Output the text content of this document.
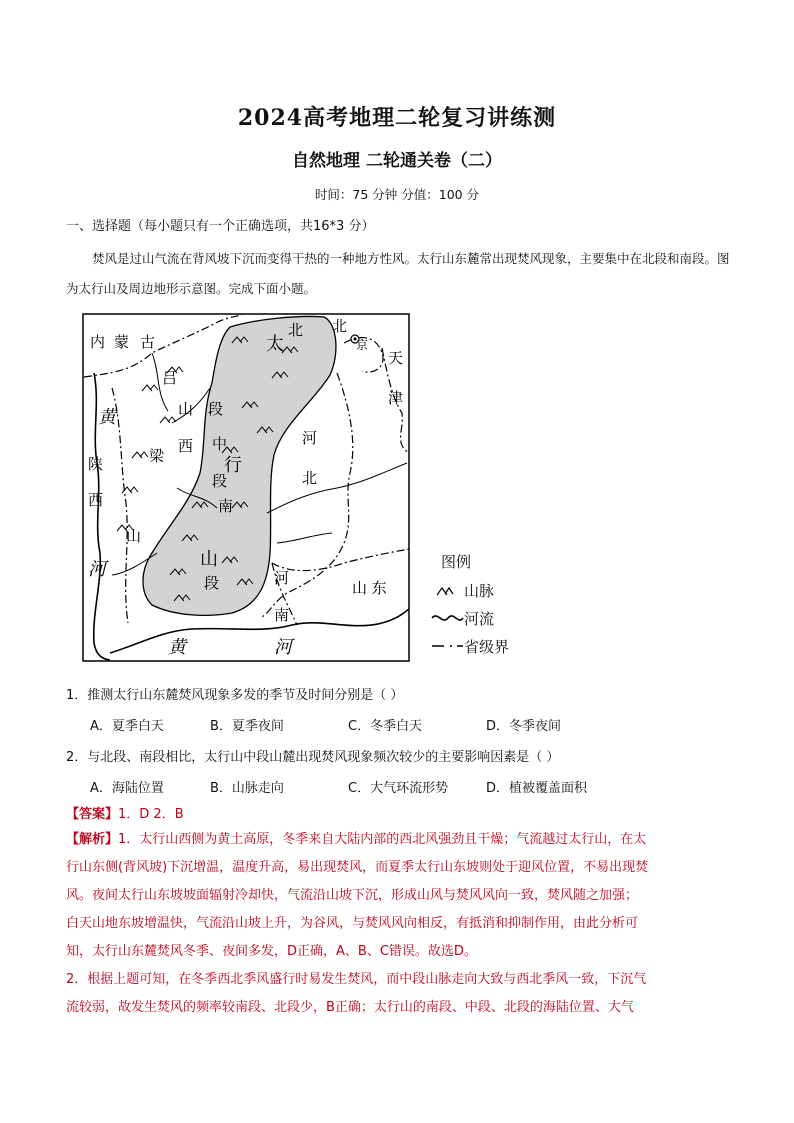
2024高考地理二轮复习讲练测
自然地理 二轮通关卷（二）
时间：75 分钟 分值：100 分
一、选择题（每小题只有一个正确选项，共16*3 分）
焚风是过山气流在背风坡下沉而变得干热的一种地方性风。太行山东麓常出现焚风现象，主要集中在北段和南段。图为太行山及周边地形示意图。完成下面小题。
内 蒙 古
吕
梁
山
山
西
陕
西
太
北
段
中
行
段
南
山
段
北
京
天
津
河
北
河
南
山 东
黄
河
黄	河
图例
山脉
河流
省级界
1．推测太行山东麓焚风现象多发的季节及时间分别是（ ）
A．夏季白天	B．夏季夜间	C．冬季白天	D．冬季夜间
2．与北段、南段相比，太行山中段山麓出现焚风现象频次较少的主要影响因素是（ ）
A．海陆位置	B．山脉走向	C．大气环流形势	D．植被覆盖面积
【答案】1．D 2．B
【解析】1．太行山西侧为黄土高原，冬季来自大陆内部的西北风强劲且干燥；气流越过太行山，在太
行山东侧(背风坡)下沉增温，温度升高，易出现焚风，而夏季太行山东坡则处于迎风位置，不易出现焚
风。夜间太行山东坡坡面辐射冷却快，气流沿山坡下沉，形成山风与焚风风向一致，焚风随之加强；
白天山地东坡增温快，气流沿山坡上升，为谷风，与焚风风向相反，有抵消和抑制作用，由此分析可
知，太行山东麓焚风冬季、夜间多发，D正确，A、B、C错误。故选D。
2．根据上题可知，在冬季西北季风盛行时易发生焚风，而中段山脉走向大致与西北季风一致，下沉气
流较弱，故发生焚风的频率较南段、北段少，B正确；太行山的南段、中段、北段的海陆位置、大气
